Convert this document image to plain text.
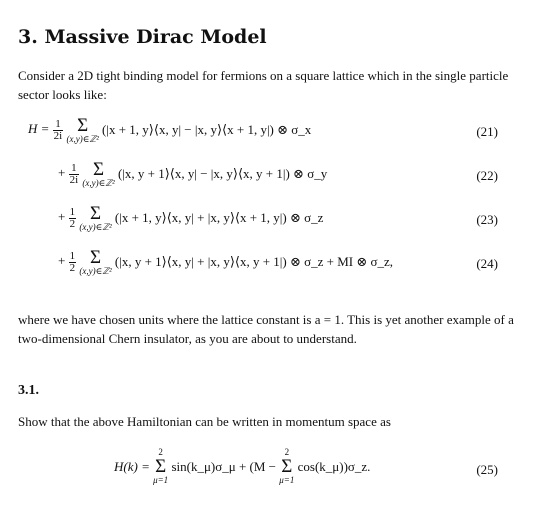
3. Massive Dirac Model

Consider a 2D tight binding model for fermions on a square lattice which in the single particle sector looks like:

$H = \frac{1}{2i}$
Σ
(x,y)∈ℤ²
(|x + 1, y⟩⟨x, y| − |x, y⟩⟨x + 1, y|) ⊗ σ_x	(21)
+ $\frac{1}{2i}$
Σ
(x,y)∈ℤ²
(|x, y + 1⟩⟨x, y| − |x, y⟩⟨x, y + 1|) ⊗ σ_y	(22)
+ $\frac{1}{2}$
Σ
(x,y)∈ℤ²
(|x + 1, y⟩⟨x, y| + |x, y⟩⟨x + 1, y|) ⊗ σ_z	(23)
+ $\frac{1}{2}$
Σ
(x,y)∈ℤ²
(|x, y + 1⟩⟨x, y| + |x, y⟩⟨x, y + 1|) ⊗ σ_z + MI ⊗ σ_z,	(24)

where we have chosen units where the lattice constant is a = 1. This is yet another example of a two-dimensional Chern insulator, as you are about to understand.

3.1.

Show that the above Hamiltonian can be written in momentum space as

H(k) =
2
Σ
μ=1
sin(k_μ)σ_μ + (M −
2
Σ
μ=1
cos(k_μ))σ_z.	(25)
